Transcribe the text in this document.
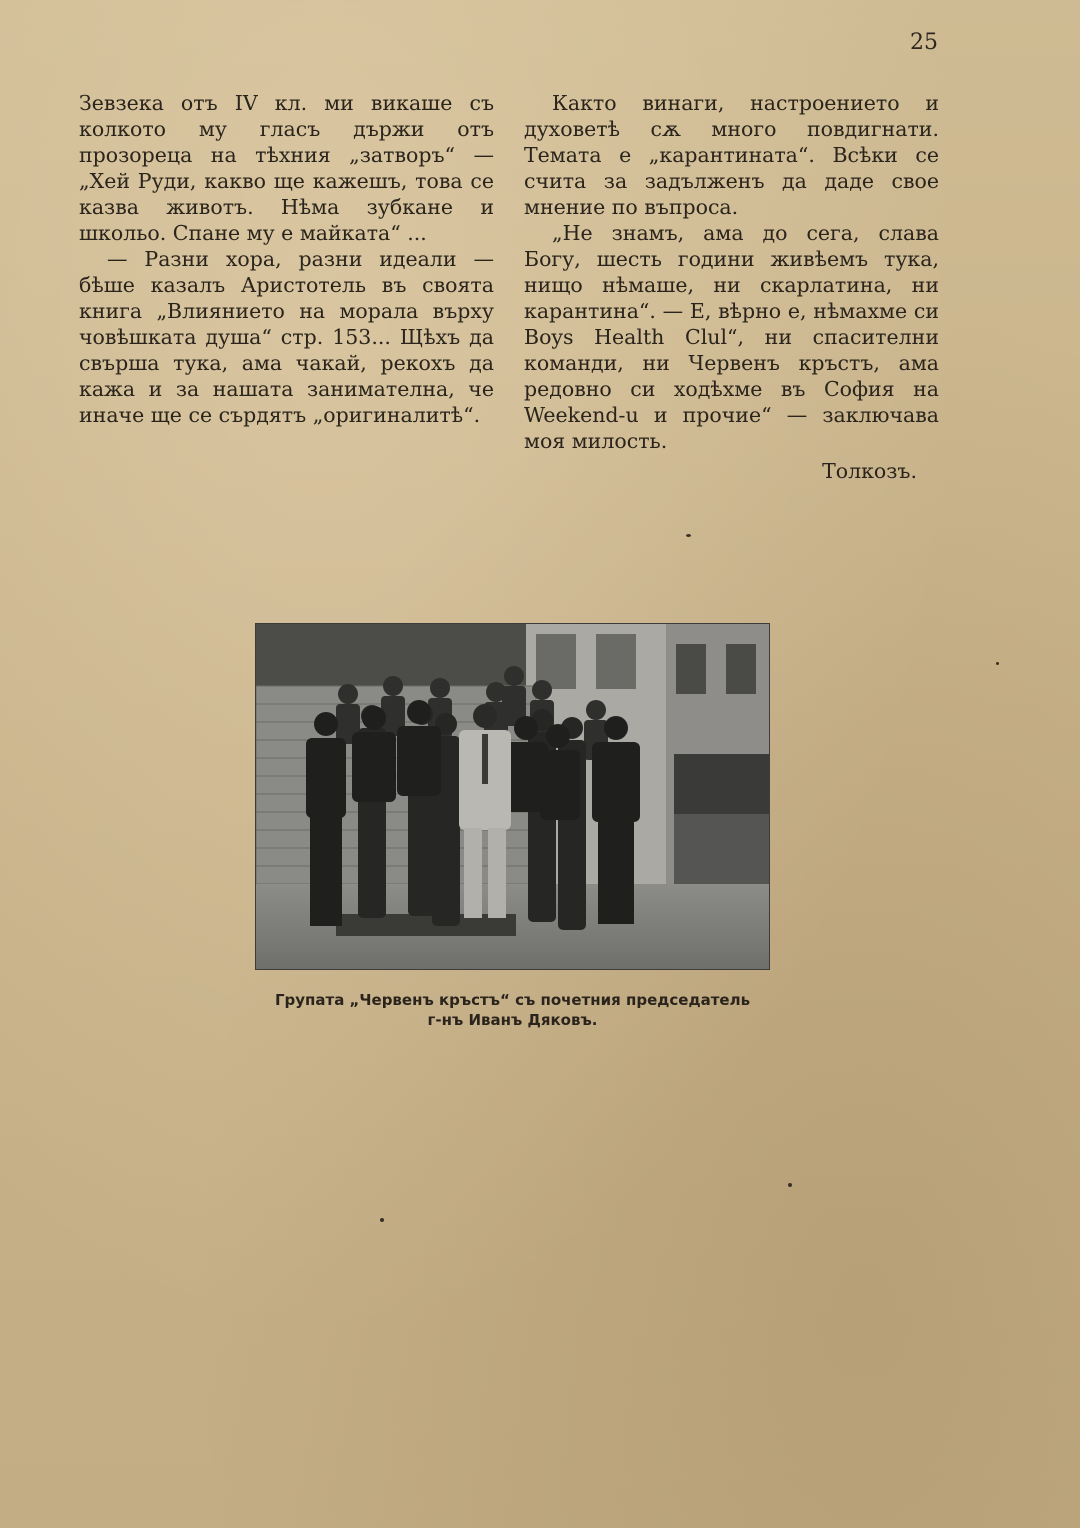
25

Зевзека отъ IV кл. ми викаше съ колкото му гласъ държи отъ прозореца на тѣхния „затворъ“ — „Хей Руди, какво ще кажешъ, това се казва животъ. Нѣма зубкане и школьо. Спане му е майката“ ...

— Разни хора, разни идеали — бѣше казалъ Аристотель въ своята книга „Влиянието на морала върху човѣшката душа“ стр. 153... Щѣхъ да свърша тука, ама чакай, рекохъ да кажа и за нашата занимателна, че иначе ще се сърдятъ „оригиналитѣ“.

Както винаги, настроението и духоветѣ сѫ много повдигнати. Темата е „карантината“. Всѣки се счита за задълженъ да даде свое мнение по въпроса.

„Не знамъ, ама до сега, слава Богу, шесть години живѣемъ тука, нищо нѣмаше, ни скарлатина, ни карантина“. — Е, вѣрно е, нѣмахме си Boys Health Clul“, ни спасителни команди, ни Червенъ кръстъ, ама редовно си ходѣхме въ София на Weekend-u и прочие“ — заключава моя милость.

Толкозъ.

Групата „Червенъ кръстъ“ съ почетния председатель
г-нъ Иванъ Дяковъ.
